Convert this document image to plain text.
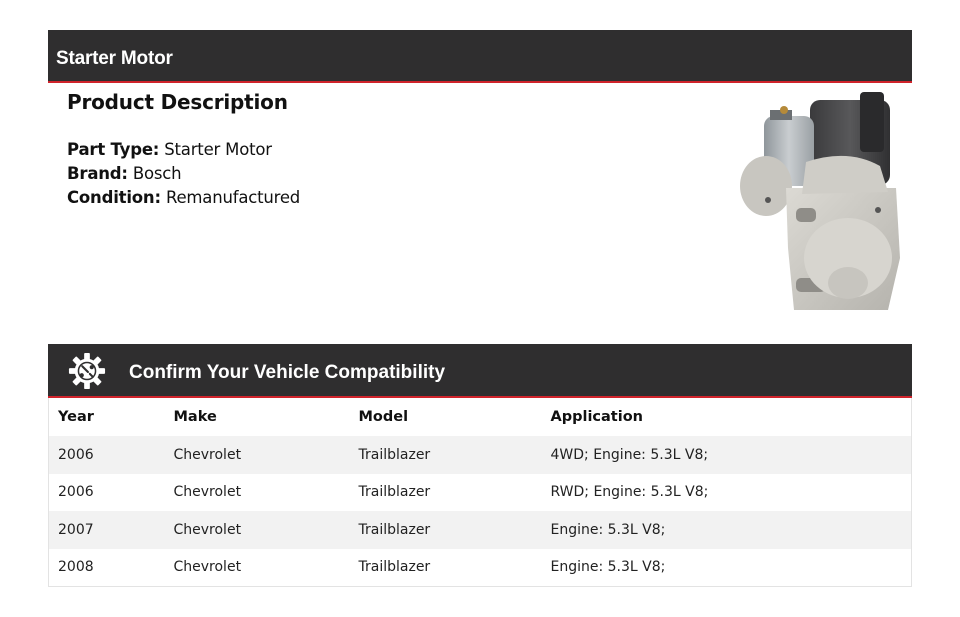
Starter Motor
Product Description
Part Type: Starter Motor
Brand: Bosch
Condition: Remanufactured
Confirm Your Vehicle Compatibility
Year	Make	Model	Application
2006	Chevrolet	Trailblazer	4WD; Engine: 5.3L V8;
2006	Chevrolet	Trailblazer	RWD; Engine: 5.3L V8;
2007	Chevrolet	Trailblazer	Engine: 5.3L V8;
2008	Chevrolet	Trailblazer	Engine: 5.3L V8;
